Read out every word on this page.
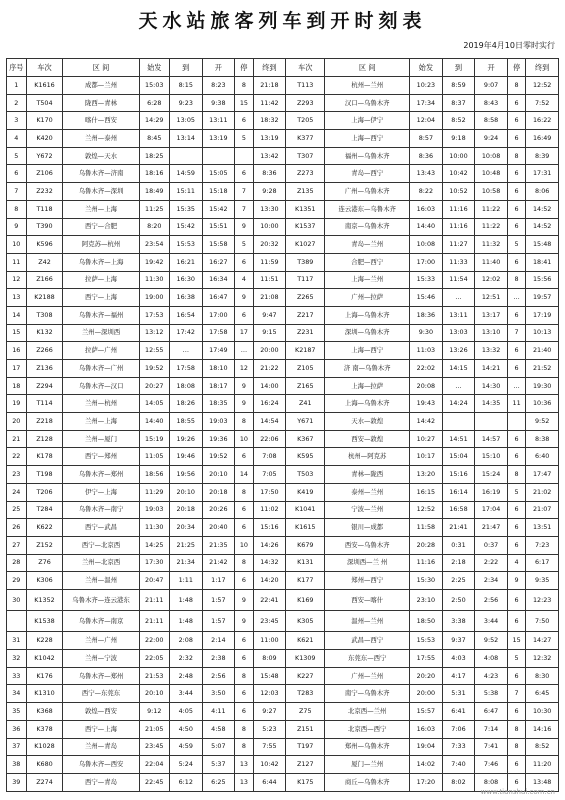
天水站旅客列车到开时刻表
2019年4月10日零时实行
序号	车次	区 间	始发	到	开	停	终到	车次	区 间	始发	到	开	停	终到
1	K1616	成都—兰州	15:03	8:15	8:23	8	21:18	T113	杭州—兰州	10:23	8:59	9:07	8	12:52
2	T504	陇西—青林	6:28	9:23	9:38	15	11:42	Z293	汉口—乌鲁木齐	17:34	8:37	8:43	6	7:52
3	K170	喀什—西安	14:29	13:05	13:11	6	18:32	T205	上海—伊宁	12:04	8:52	8:58	6	16:22
4	K420	兰州—泰州	8:45	13:14	13:19	5	13:19	K377	上海—西宁	8:57	9:18	9:24	6	16:49
5	Y672	敦煌—天水	18:25				13:42	T307	福州—乌鲁木齐	8:36	10:00	10:08	8	8:39
6	Z106	乌鲁木齐—济南	18:16	14:59	15:05	6	8:36	Z273	青岛—西宁	13:43	10:42	10:48	6	17:31
7	Z232	乌鲁木齐—深圳	18:49	15:11	15:18	7	9:28	Z135	广州—乌鲁木齐	8:22	10:52	10:58	6	8:06
8	T118	兰州—上海	11:25	15:35	15:42	7	13:30	K1351	连云港东—乌鲁木齐	16:03	11:16	11:22	6	14:52
9	T390	西宁—合肥	8:20	15:42	15:51	9	10:00	K1537	南京—乌鲁木齐	14:40	11:16	11:22	6	14:52
10	K596	阿克苏—杭州	23:54	15:53	15:58	5	20:32	K1027	青岛—兰州	10:08	11:27	11:32	5	15:48
11	Z42	乌鲁木齐—上海	19:42	16:21	16:27	6	11:59	T389	合肥—西宁	17:00	11:33	11:40	6	18:41
12	Z166	拉萨—上海	11:30	16:30	16:34	4	11:51	T117	上海—兰州	15:33	11:54	12:02	8	15:56
13	K2188	西宁—上海	19:00	16:38	16:47	9	21:08	Z265	广州—拉萨	15:46	…	12:51	…	19:57
14	T308	乌鲁木齐—福州	17:53	16:54	17:00	6	9:47	Z217	上海—乌鲁木齐	18:36	13:11	13:17	6	17:19
15	K132	兰州—深圳西	13:12	17:42	17:58	17	9:15	Z231	深圳—乌鲁木齐	9:30	13:03	13:10	7	10:13
16	Z266	拉萨—广州	12:55	…	17:49	…	20:00	K2187	上海—西宁	11:03	13:26	13:32	6	21:40
17	Z136	乌鲁木齐—广州	19:52	17:58	18:10	12	21:22	Z105	济 南—乌鲁木齐	22:02	14:15	14:21	6	21:52
18	Z294	乌鲁木齐—汉口	20:27	18:08	18:17	9	14:00	Z165	上海—拉萨	20:08	…	14:30	…	19:30
19	T114	兰州—杭州	14:05	18:26	18:35	9	16:24	Z41	上海—乌鲁木齐	19:43	14:24	14:35	11	10:36
20	Z218	兰州—上海	14:40	18:55	19:03	8	14:54	Y671	天水—敦煌	14:42				9:52
21	Z128	兰州—厦门	15:19	19:26	19:36	10	22:06	K367	西安—敦煌	10:27	14:51	14:57	6	8:38
22	K178	西宁—郑州	11:05	19:46	19:52	6	7:08	K595	杭州—阿克苏	10:17	15:04	15:10	6	6:40
23	T198	乌鲁木齐—郑州	18:56	19:56	20:10	14	7:05	T503	青林—陇西	13:20	15:16	15:24	8	17:47
24	T206	伊宁—上海	11:29	20:10	20:18	8	17:50	K419	泰州—兰州	16:15	16:14	16:19	5	21:02
25	T284	乌鲁木齐—南宁	19:03	20:18	20:26	6	11:02	K1041	宁波—兰州	12:52	16:58	17:04	6	21:07
26	K622	西宁—武昌	11:30	20:34	20:40	6	15:16	K1615	银川—成都	11:58	21:41	21:47	6	13:51
27	Z152	西宁—北京西	14:25	21:25	21:35	10	14:26	K679	西安—乌鲁木齐	20:28	0:31	0:37	6	7:23
28	Z76	兰州—北京西	17:30	21:34	21:42	8	14:32	K131	深圳西—兰 州	11:16	2:18	2:22	4	6:17
29	K306	兰州—温州	20:47	1:11	1:17	6	14:20	K177	郑州—西宁	15:30	2:25	2:34	9	9:35
30	K1352	乌鲁木齐—连云港东	21:11	1:48	1:57	9	22:41	K169	西安—喀什	23:10	2:50	2:56	6	12:23
	K1538	乌鲁木齐—南京	21:11	1:48	1:57	9	23:45	K305	温州—兰州	18:50	3:38	3:44	6	7:50
31	K228	兰州—广州	22:00	2:08	2:14	6	11:00	K621	武昌—西宁	15:53	9:37	9:52	15	14:27
32	K1042	兰州—宁波	22:05	2:32	2:38	6	8:09	K1309	东莞东—西宁	17:55	4:03	4:08	5	12:32
33	K176	乌鲁木齐—郑州	21:53	2:48	2:56	8	15:48	K227	广州—兰州	20:20	4:17	4:23	6	8:30
34	K1310	西宁—东莞东	20:10	3:44	3:50	6	12:03	T283	南宁—乌鲁木齐	20:00	5:31	5:38	7	6:45
35	K368	敦煌—西安	9:12	4:05	4:11	6	9:27	Z75	北京西—兰州	15:57	6:41	6:47	6	10:30
36	K378	西宁—上海	21:05	4:50	4:58	8	5:23	Z151	北京西—西宁	16:03	7:06	7:14	8	14:16
37	K1028	兰州—青岛	23:45	4:59	5:07	8	7:55	T197	郑州—乌鲁木齐	19:04	7:33	7:41	8	8:52
38	K680	乌鲁木齐—西安	22:04	5:24	5:37	13	10:42	Z127	厦门—兰州	14:02	7:40	7:46	6	11:20
39	Z274	西宁—青岛	22:45	6:12	6:25	13	6:44	K175	商丘—乌鲁木齐	17:20	8:02	8:08	6	13:48
www.tianshui.com.cn
